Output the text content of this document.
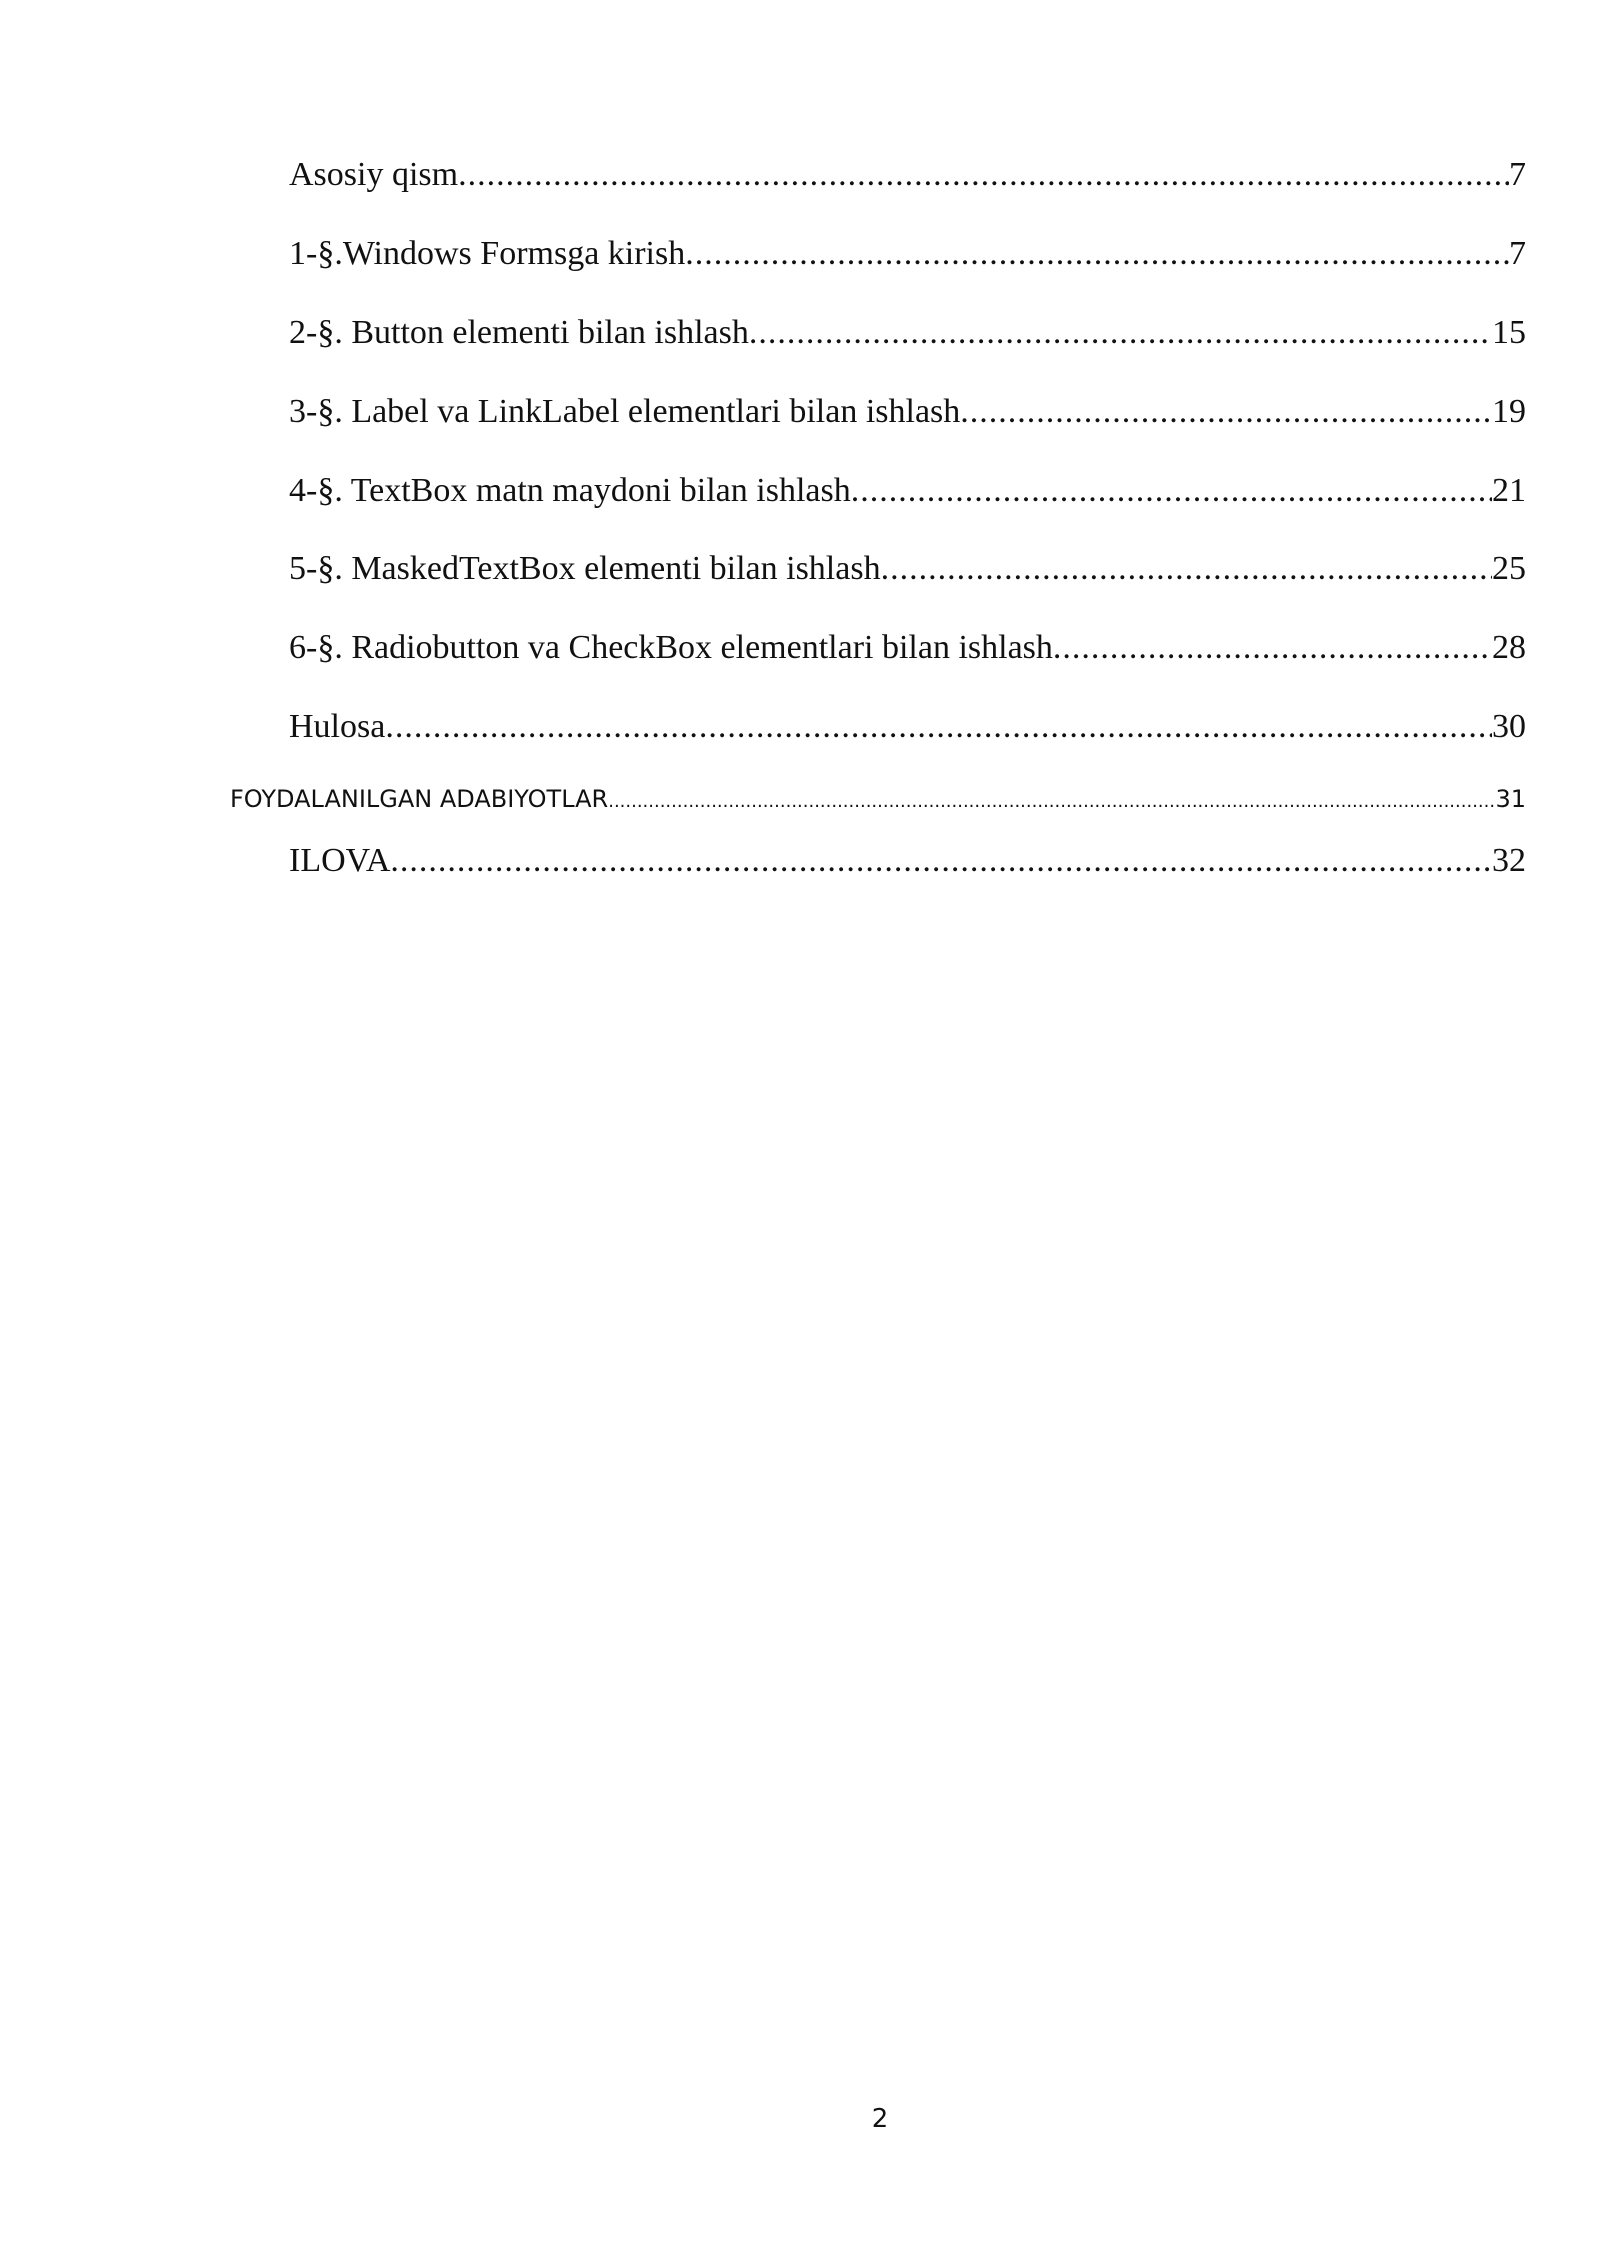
Asosiy qism .....	7
1-§.Windows Formsga kirish .....	7
2-§. Button elementi bilan ishlash .....	15
3-§. Label va LinkLabel elementlari bilan ishlash .....	19
4-§. TextBox matn maydoni bilan ishlash .....	21
5-§. MaskedTextBox elementi bilan ishlash .....	25
6-§. Radiobutton va CheckBox elementlari bilan ishlash .....	28
Hulosa .....	30
FOYDALANILGAN ADABIYOTLAR .....	31
ILOVA .....	32
2
